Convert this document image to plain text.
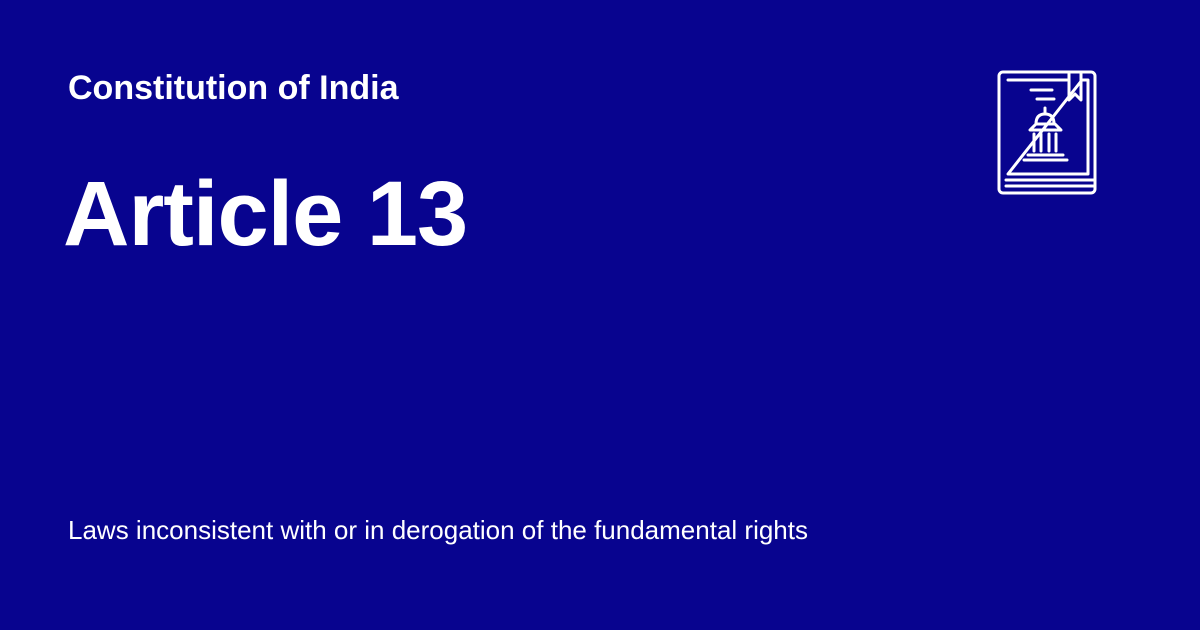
Constitution of India
Article 13
Laws inconsistent with or in derogation of the fundamental rights
